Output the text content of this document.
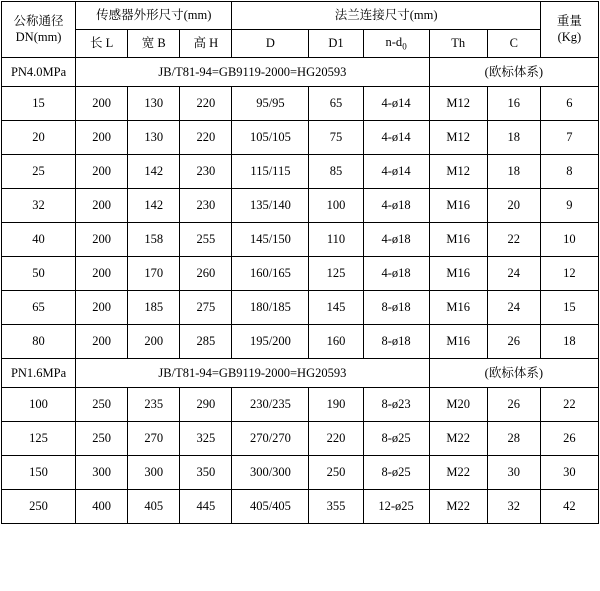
公称通径
DN(mm)
	传感器外形尺寸(mm)	法兰连接尺寸(mm)	重量
(Kg)

	长 L	宽 B	高 H	D	D1	$n-d_0$	Th	C	
PN4.0MPa	JB/T81-94=GB9119-2000=HG20593						(欧标体系)		
15	200	130	220	95/95	65	4-ø14	M12	16	6
20	200	130	220	105/105	75	4-ø14	M12	18	7
25	200	142	230	115/115	85	4-ø14	M12	18	8
32	200	142	230	135/140	100	4-ø18	M16	20	9
40	200	158	255	145/150	110	4-ø18	M16	22	10
50	200	170	260	160/165	125	4-ø18	M16	24	12
65	200	185	275	180/185	145	8-ø18	M16	24	15
80	200	200	285	195/200	160	8-ø18	M16	26	18
PN1.6MPa	JB/T81-94=GB9119-2000=HG20593						(欧标体系)		
100	250	235	290	230/235	190	8-ø23	M20	26	22
125	250	270	325	270/270	220	8-ø25	M22	28	26
150	300	300	350	300/300	250	8-ø25	M22	30	30
250	400	405	445	405/405	355	12-ø25	M22	32	42
